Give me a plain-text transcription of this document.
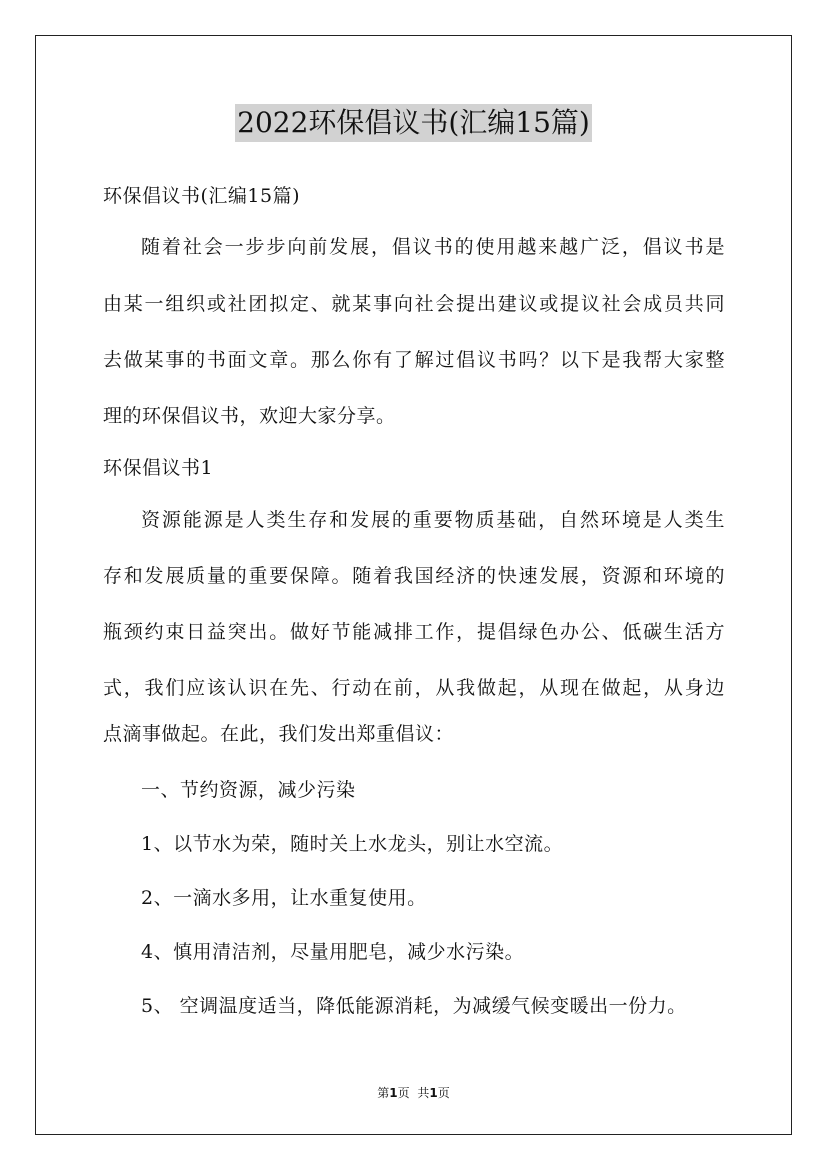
2022环保倡议书(汇编15篇)
环保倡议书(汇编15篇)
随着社会一步步向前发展，倡议书的使用越来越广泛，倡议书是
由某一组织或社团拟定、就某事向社会提出建议或提议社会成员共同
去做某事的书面文章。那么你有了解过倡议书吗？以下是我帮大家整
理的环保倡议书，欢迎大家分享。
环保倡议书1
资源能源是人类生存和发展的重要物质基础，自然环境是人类生
存和发展质量的重要保障。随着我国经济的快速发展，资源和环境的
瓶颈约束日益突出。做好节能减排工作，提倡绿色办公、低碳生活方
式，我们应该认识在先、行动在前，从我做起，从现在做起，从身边
点滴事做起。在此，我们发出郑重倡议：
一、节约资源，减少污染
1、以节水为荣，随时关上水龙头，别让水空流。
2、一滴水多用，让水重复使用。
4、慎用清洁剂，尽量用肥皂，减少水污染。
5、 空调温度适当，降低能源消耗，为减缓气候变暖出一份力。
第1页 共1页
